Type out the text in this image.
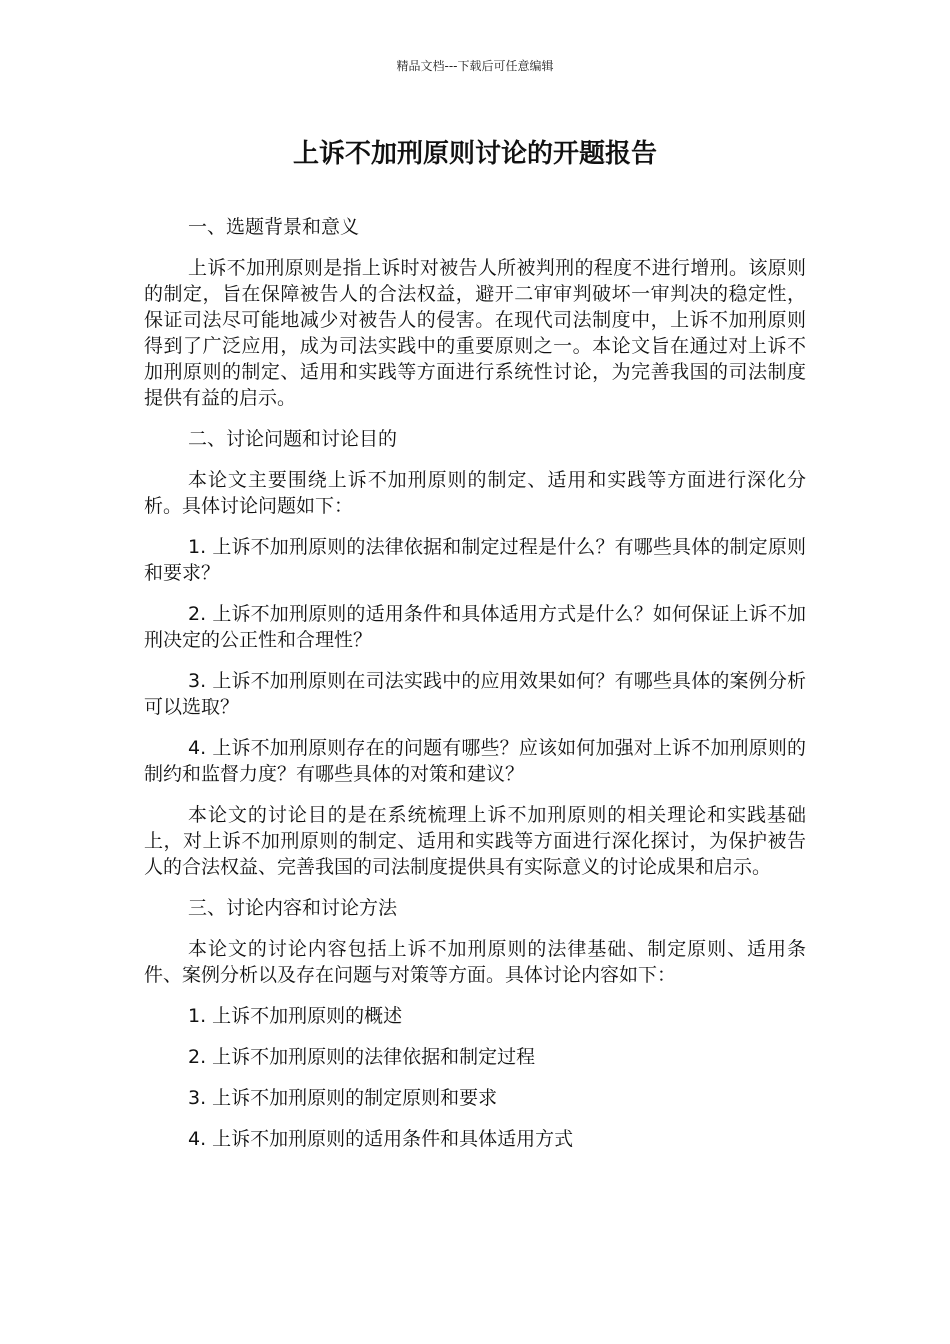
精品文档---下载后可任意编辑
上诉不加刑原则讨论的开题报告

一、选题背景和意义

上诉不加刑原则是指上诉时对被告人所被判刑的程度不进行增刑。该原则的制定，旨在保障被告人的合法权益，避开二审审判破坏一审判决的稳定性，保证司法尽可能地减少对被告人的侵害。在现代司法制度中，上诉不加刑原则得到了广泛应用，成为司法实践中的重要原则之一。本论文旨在通过对上诉不加刑原则的制定、适用和实践等方面进行系统性讨论，为完善我国的司法制度提供有益的启示。

二、讨论问题和讨论目的

本论文主要围绕上诉不加刑原则的制定、适用和实践等方面进行深化分析。具体讨论问题如下：

1. 上诉不加刑原则的法律依据和制定过程是什么？有哪些具体的制定原则和要求？

2. 上诉不加刑原则的适用条件和具体适用方式是什么？如何保证上诉不加刑决定的公正性和合理性？

3. 上诉不加刑原则在司法实践中的应用效果如何？有哪些具体的案例分析可以选取？

4. 上诉不加刑原则存在的问题有哪些？应该如何加强对上诉不加刑原则的制约和监督力度？有哪些具体的对策和建议？

本论文的讨论目的是在系统梳理上诉不加刑原则的相关理论和实践基础上，对上诉不加刑原则的制定、适用和实践等方面进行深化探讨，为保护被告人的合法权益、完善我国的司法制度提供具有实际意义的讨论成果和启示。

三、讨论内容和讨论方法

本论文的讨论内容包括上诉不加刑原则的法律基础、制定原则、适用条件、案例分析以及存在问题与对策等方面。具体讨论内容如下：

1. 上诉不加刑原则的概述

2. 上诉不加刑原则的法律依据和制定过程

3. 上诉不加刑原则的制定原则和要求

4. 上诉不加刑原则的适用条件和具体适用方式
